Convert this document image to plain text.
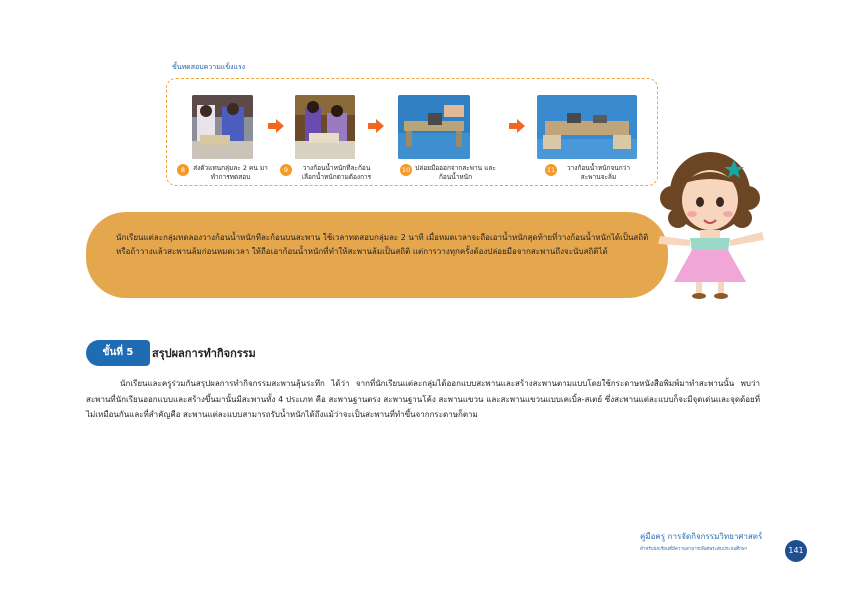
ขั้นทดสอบความแข็งแรง
8	ส่งตัวแทนกลุ่มละ 2 คน มาทำการทดสอบ
9	วางก้อนน้ำหนักทีละก้อน เลือกน้ำหนักตามต้องการ
10 ปล่อยมือออกจากสะพาน และก้อนน้ำหนัก
11	วางก้อนน้ำหนักจนกว่า สะพานจะล้ม
นักเรียนแต่ละกลุ่มทดลองวางก้อนน้ำหนักทีละก้อนบนสะพาน ใช้เวลาทดสอบกลุ่มละ 2 นาที เมื่อหมดเวลาจะถือเอาน้ำหนักสุดท้ายที่วางก้อนน้ำหนักได้เป็นสถิติ หรือถ้าวางแล้วสะพานล้มก่อนหมดเวลา ให้ถือเอาก้อนน้ำหนักที่ทำให้สะพานล้มเป็นสถิติ แต่การวางทุกครั้งต้องปล่อยมือจากสะพานถึงจะนับสถิติได้
ขั้นที่ 5	สรุปผลการทำกิจกรรม

นักเรียนและครูร่วมกันสรุปผลการทำกิจกรรมสะพานลุ้นระทึก ได้ว่า จากที่นักเรียนแต่ละกลุ่มได้ออกแบบสะพานและสร้างสะพานตามแบบโดยใช้กระดาษหนังสือพิมพ์มาทำสะพานนั้น พบว่าสะพานที่นักเรียนออกแบบและสร้างขึ้นมานั้นมีสะพานทั้ง 4 ประเภท คือ สะพานฐานตรง สะพานฐานโค้ง สะพานแขวน และสะพานแขวนแบบเคเบิ้ล-สเตย์ ซึ่งสะพานแต่ละแบบก็จะมีจุดเด่นและจุดด้อยที่ไม่เหมือนกันและที่สำคัญคือ สะพานแต่ละแบบสามารถรับน้ำหนักได้ถึงแม้ว่าจะเป็นสะพานที่ทำขึ้นจากกระดาษก็ตาม

คู่มือครู การจัดกิจกรรมวิทยาศาสตร์
สำหรับนักเรียนที่มีความสามารถพิเศษระดับประถมศึกษา	141
